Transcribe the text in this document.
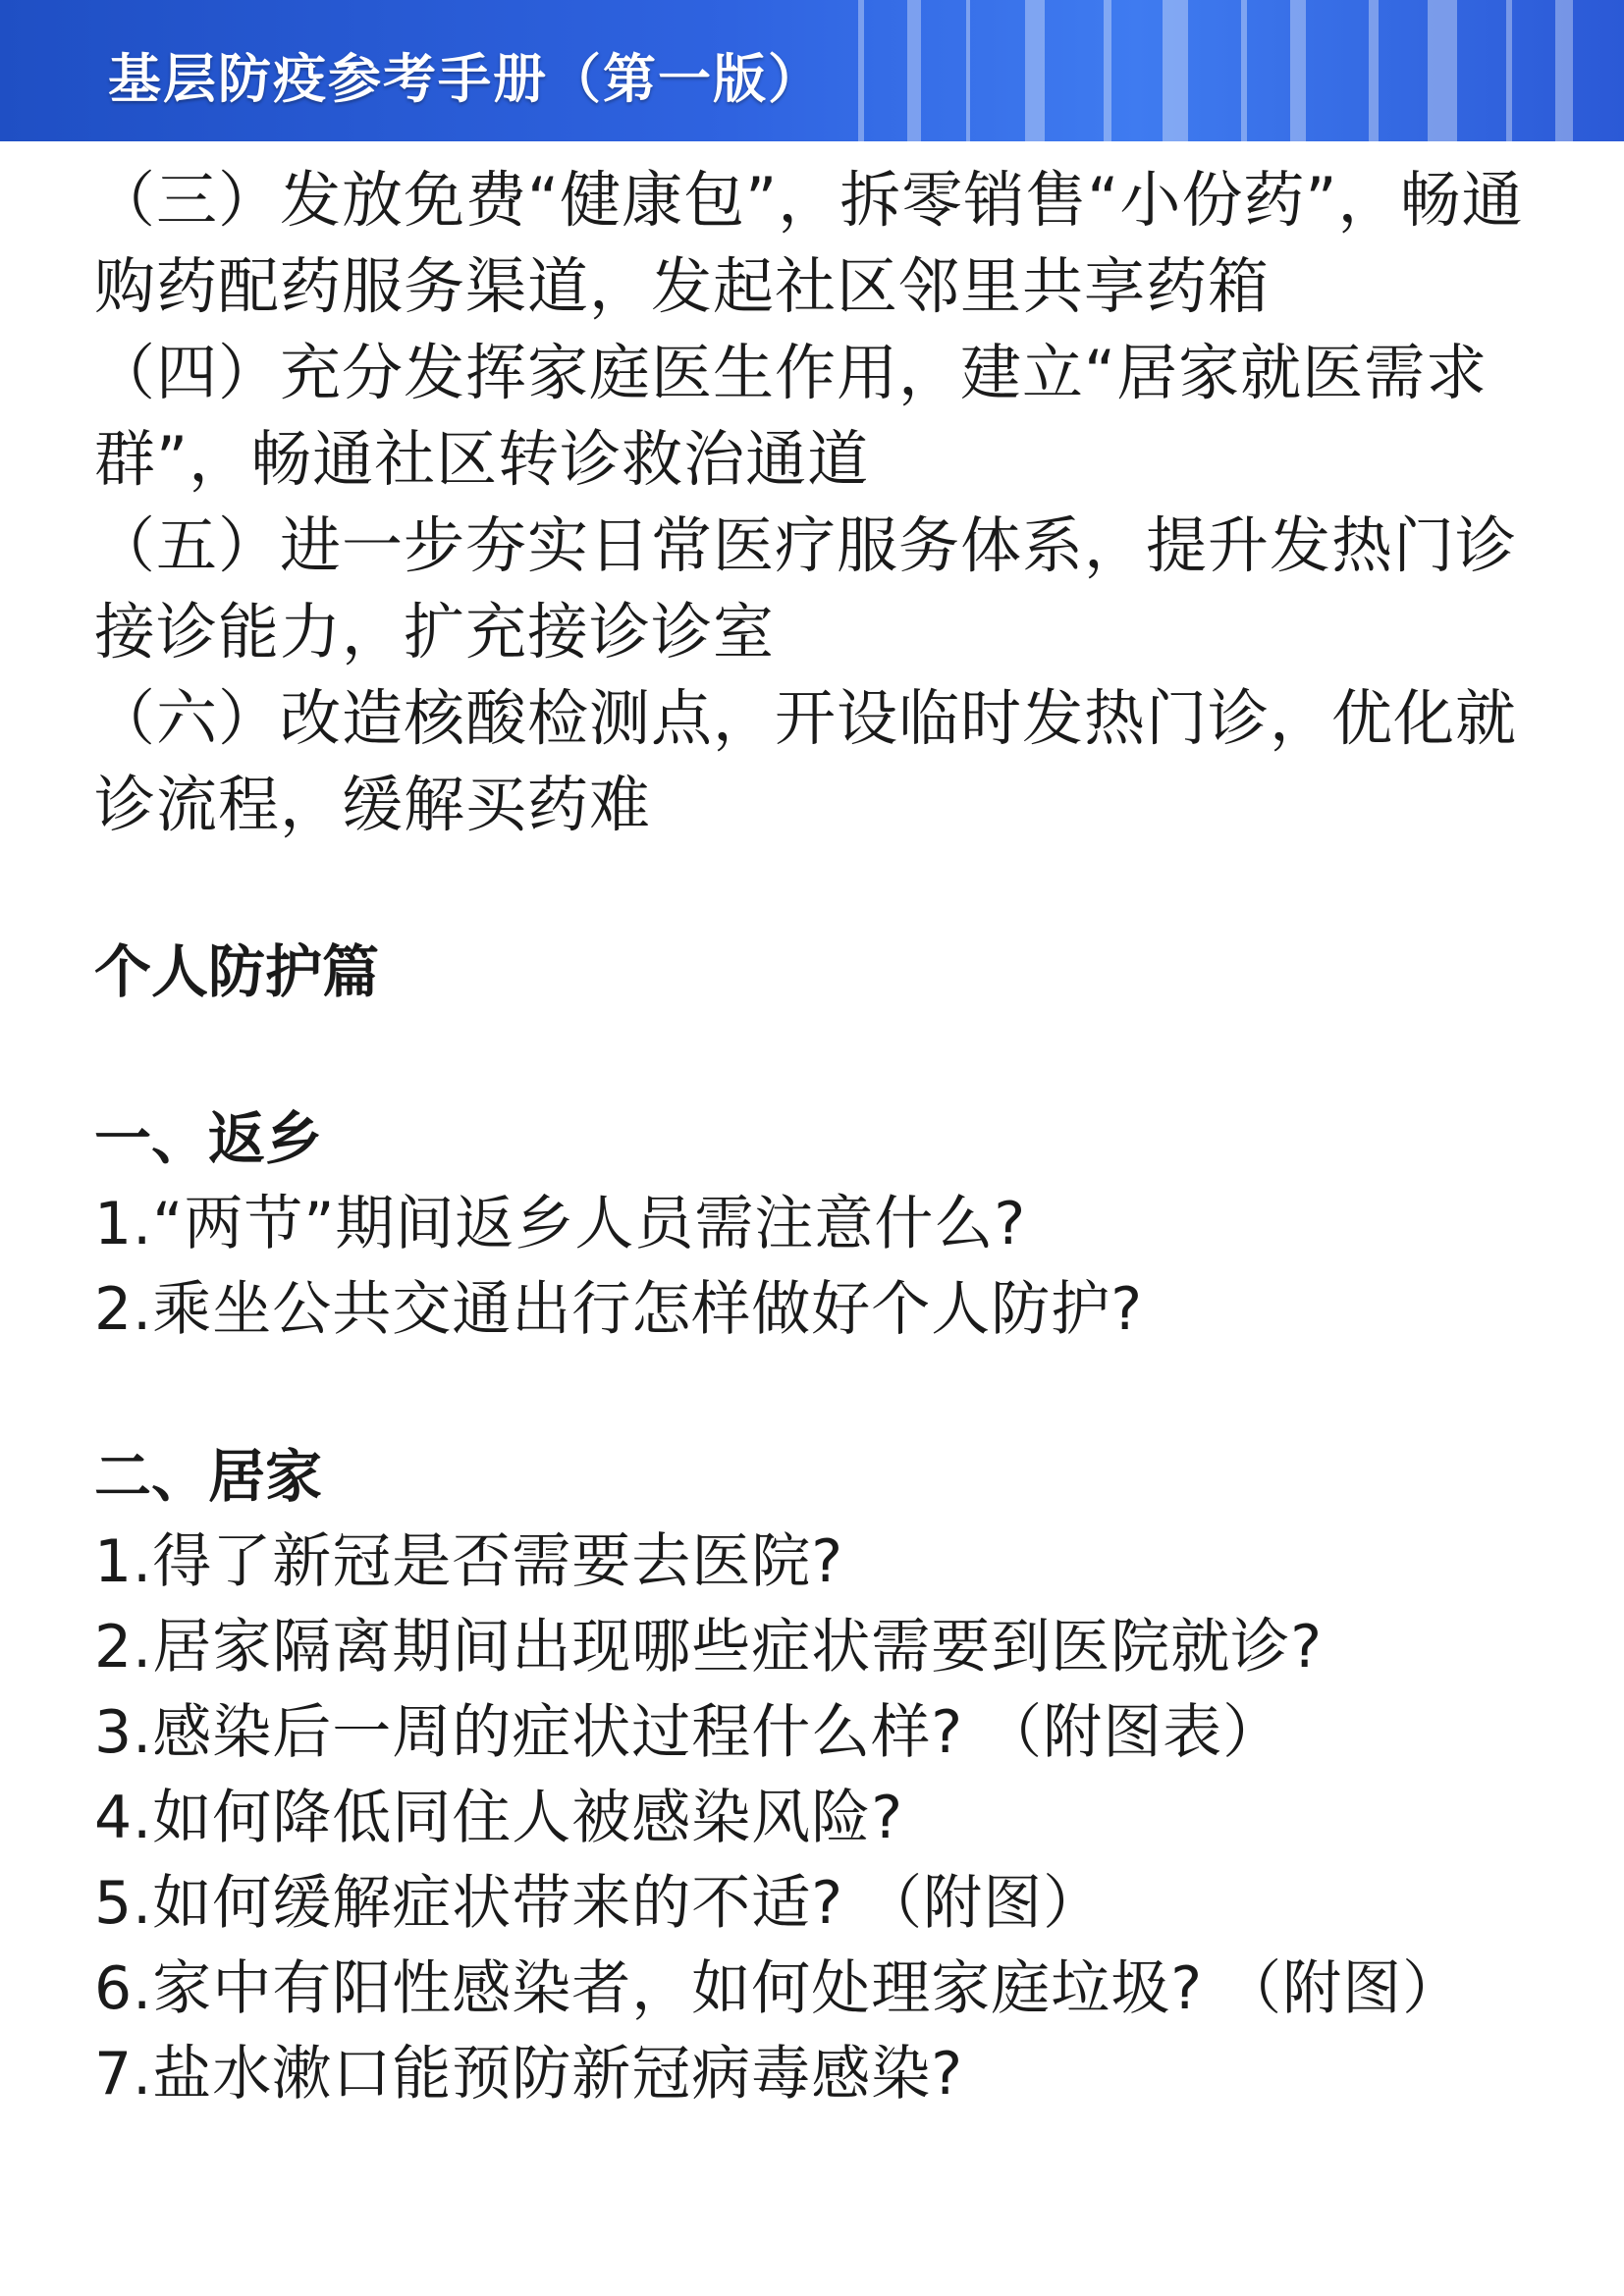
基层防疫参考手册（第一版）

（三）发放免费“健康包”，拆零销售“小份药”，畅通购药配药服务渠道，发起社区邻里共享药箱

（四）充分发挥家庭医生作用，建立“居家就医需求群”，畅通社区转诊救治通道

（五）进一步夯实日常医疗服务体系，提升发热门诊接诊能力，扩充接诊诊室

（六）改造核酸检测点，开设临时发热门诊，优化就诊流程，缓解买药难

个人防护篇

一、返乡

1.“两节”期间返乡人员需注意什么?

2.乘坐公共交通出行怎样做好个人防护?

二、居家

1.得了新冠是否需要去医院?

2.居家隔离期间出现哪些症状需要到医院就诊?

3.感染后一周的症状过程什么样? （附图表）

4.如何降低同住人被感染风险?

5.如何缓解症状带来的不适? （附图）

6.家中有阳性感染者，如何处理家庭垃圾? （附图）

7.盐水漱口能预防新冠病毒感染?
